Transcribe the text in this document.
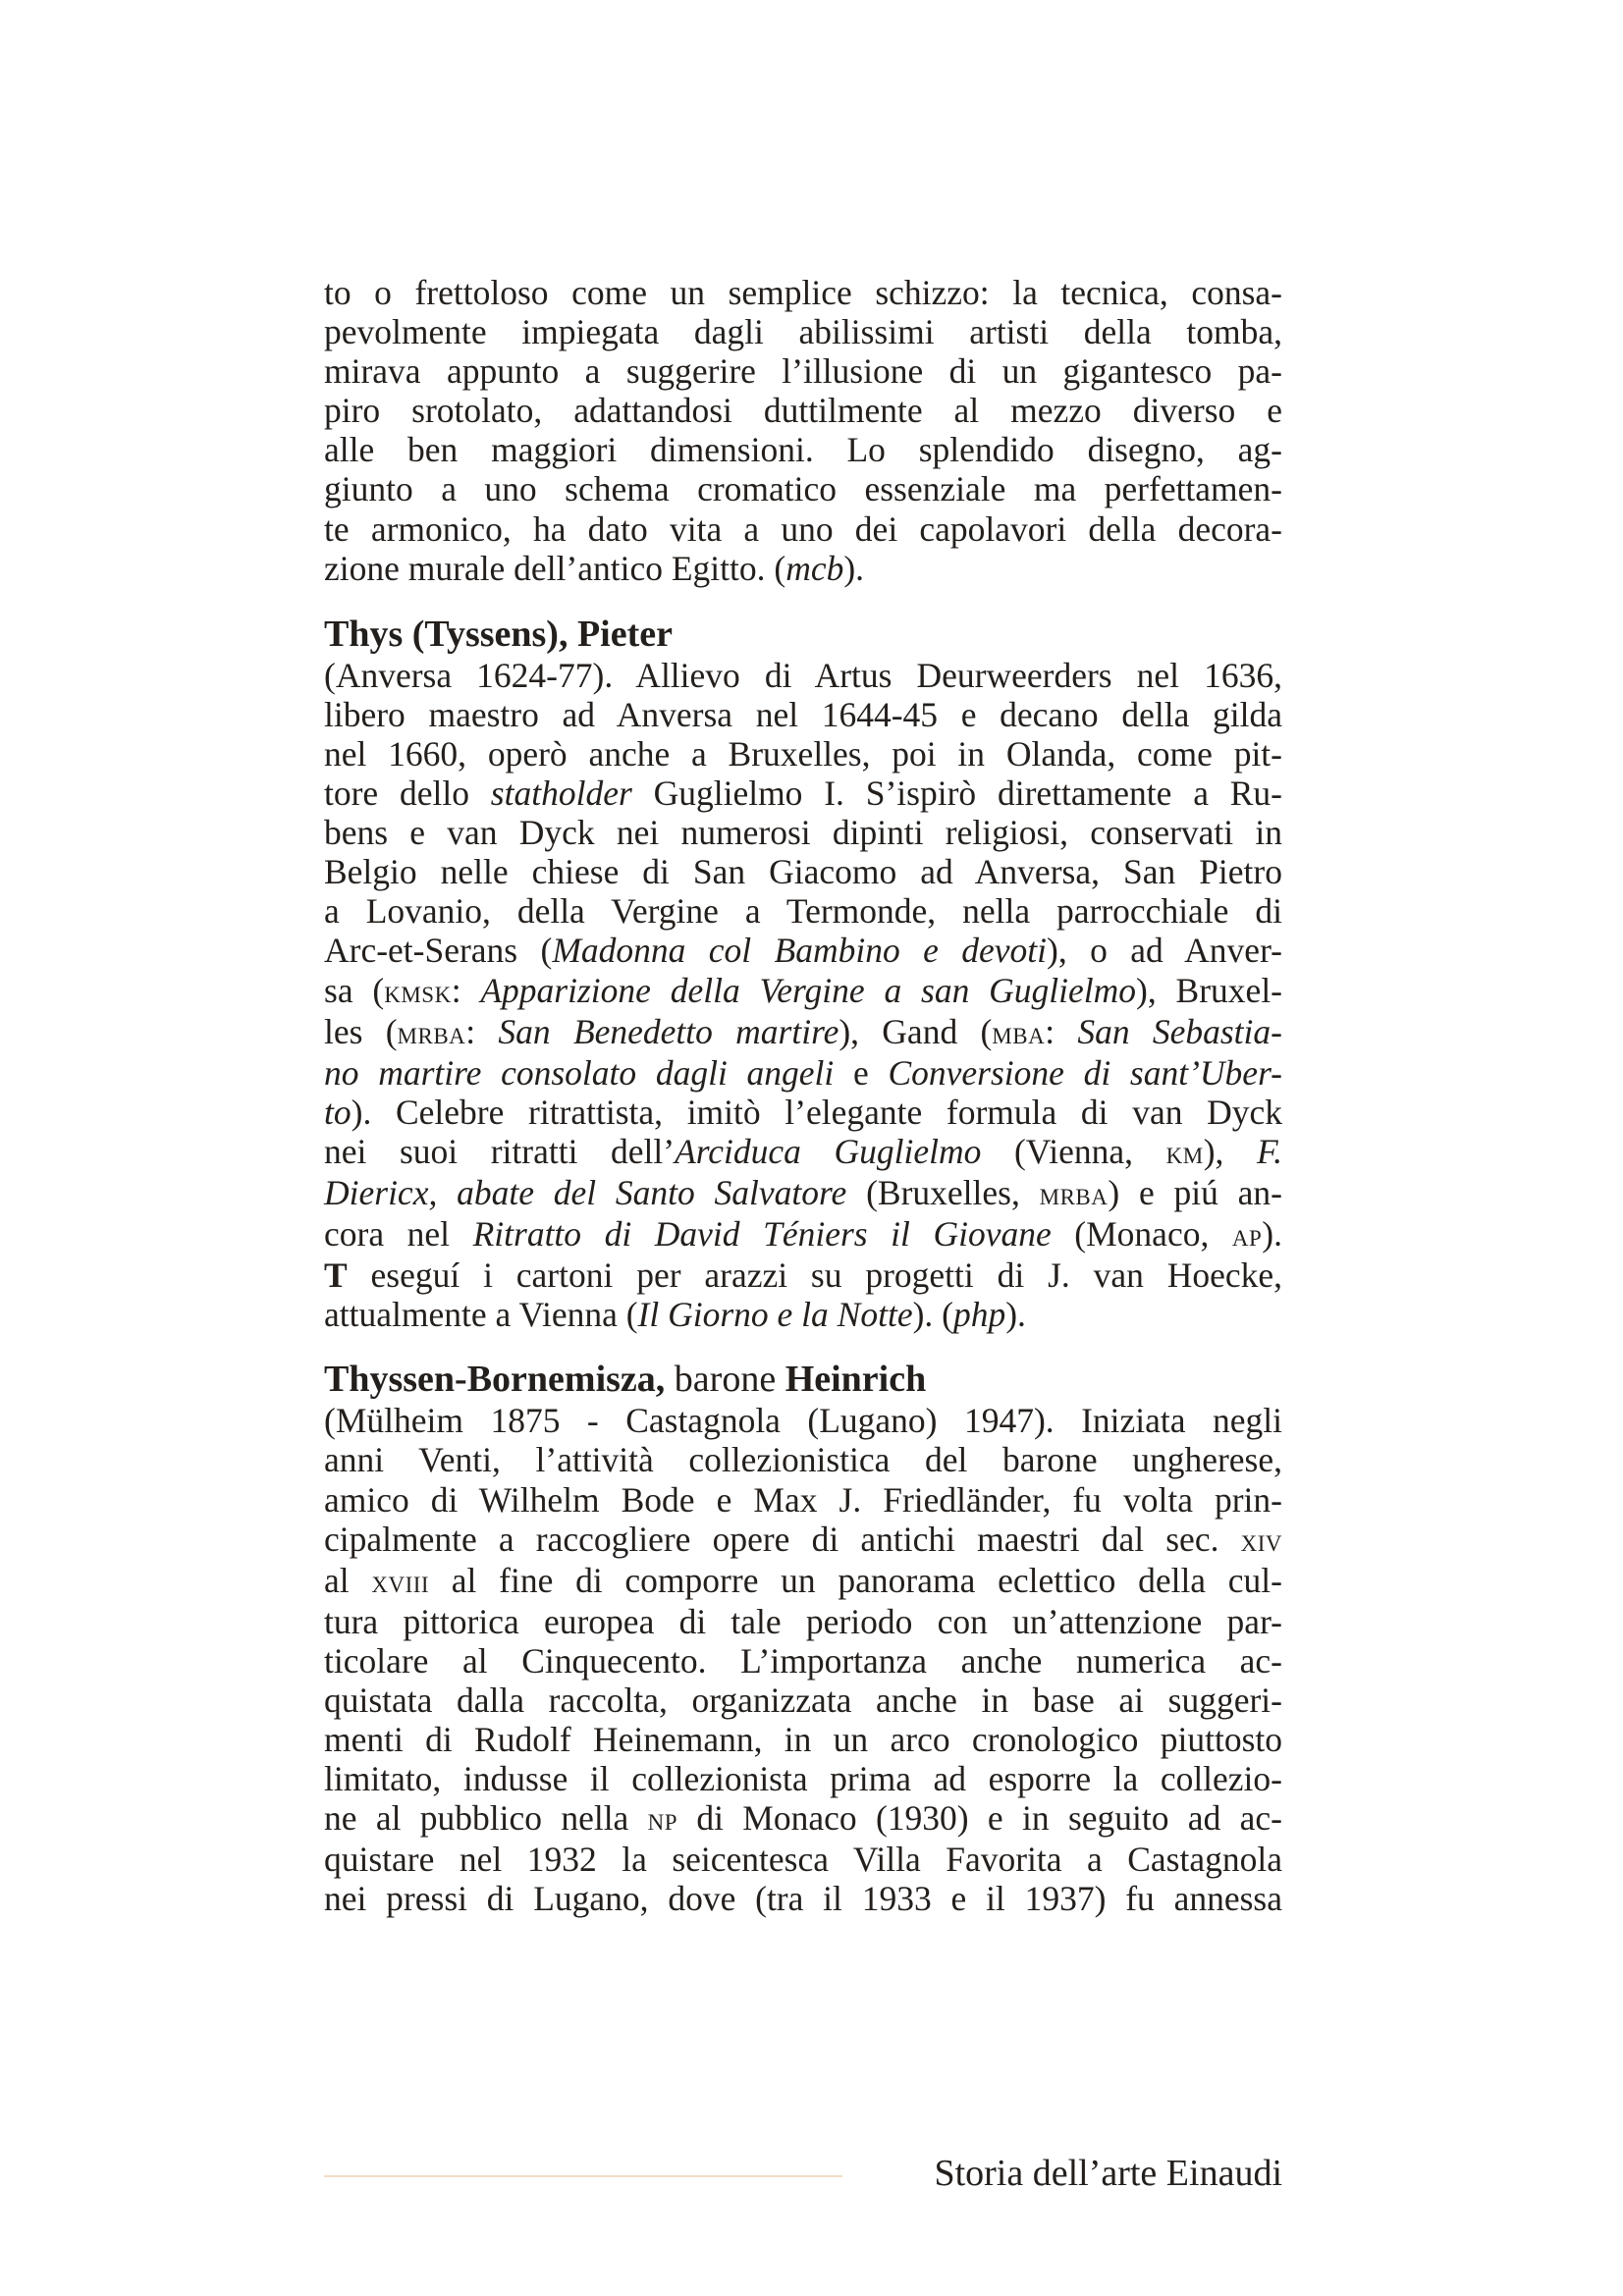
to o frettoloso come un semplice schizzo: la tecnica, consa-
pevolmente impiegata dagli abilissimi artisti della tomba,
mirava appunto a suggerire l’illusione di un gigantesco pa-
piro srotolato, adattandosi duttilmente al mezzo diverso e
alle ben maggiori dimensioni. Lo splendido disegno, ag-
giunto a uno schema cromatico essenziale ma perfettamen-
te armonico, ha dato vita a uno dei capolavori della decora-
zione murale dell’antico Egitto. (mcb).

Thys (Tyssens), Pieter

(Anversa 1624-77). Allievo di Artus Deurweerders nel 1636,
libero maestro ad Anversa nel 1644-45 e decano della gilda
nel 1660, operò anche a Bruxelles, poi in Olanda, come pit-
tore dello statholder Guglielmo I. S’ispirò direttamente a Ru-
bens e van Dyck nei numerosi dipinti religiosi, conservati in
Belgio nelle chiese di San Giacomo ad Anversa, San Pietro
a Lovanio, della Vergine a Termonde, nella parrocchiale di
Arc-et-Serans (Madonna col Bambino e devoti), o ad Anver-
sa (kmsk: Apparizione della Vergine a san Guglielmo), Bruxel-
les (mrba: San Benedetto martire), Gand (mba: San Sebastia-
no martire consolato dagli angeli e Conversione di sant’Uber-
to). Celebre ritrattista, imitò l’elegante formula di van Dyck
nei suoi ritratti dell’Arciduca Guglielmo (Vienna, km), F.
Diericx, abate del Santo Salvatore (Bruxelles, mrba) e piú an-
cora nel Ritratto di David Téniers il Giovane (Monaco, ap).
T eseguí i cartoni per arazzi su progetti di J. van Hoecke,
attualmente a Vienna (Il Giorno e la Notte). (php).

Thyssen-Bornemisza, barone Heinrich

(Mülheim 1875 - Castagnola (Lugano) 1947). Iniziata negli
anni Venti, l’attività collezionistica del barone ungherese,
amico di Wilhelm Bode e Max J. Friedländer, fu volta prin-
cipalmente a raccogliere opere di antichi maestri dal sec. xiv
al xviii al fine di comporre un panorama eclettico della cul-
tura pittorica europea di tale periodo con un’attenzione par-
ticolare al Cinquecento. L’importanza anche numerica ac-
quistata dalla raccolta, organizzata anche in base ai suggeri-
menti di Rudolf Heinemann, in un arco cronologico piuttosto
limitato, indusse il collezionista prima ad esporre la collezio-
ne al pubblico nella np di Monaco (1930) e in seguito ad ac-
quistare nel 1932 la seicentesca Villa Favorita a Castagnola
nei pressi di Lugano, dove (tra il 1933 e il 1937) fu annessa

Storia dell’arte Einaudi
